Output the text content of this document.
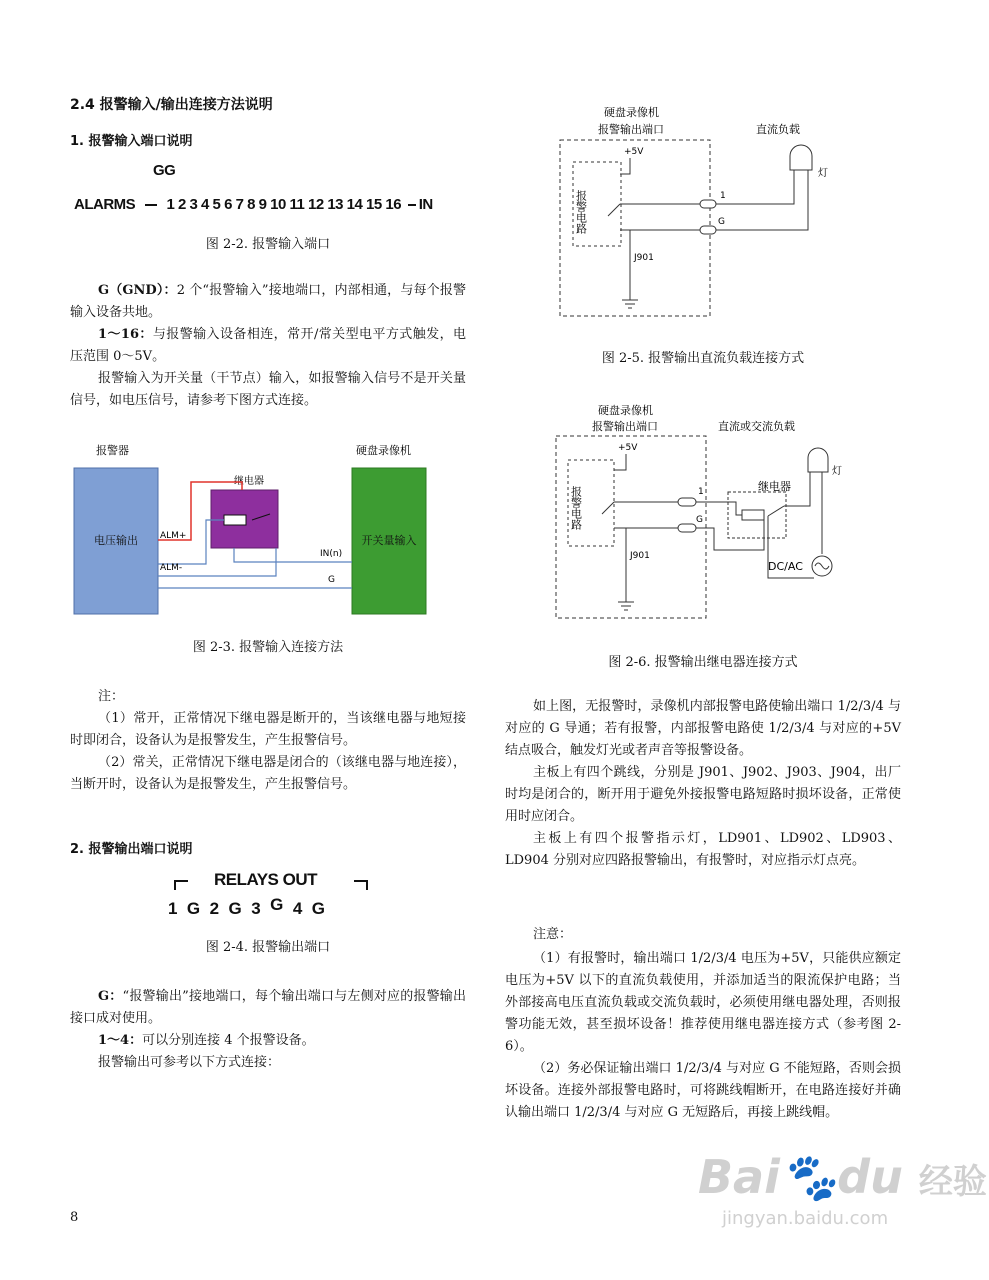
2.4 报警输入/输出连接方法说明
1. 报警输入端口说明
GG
ALARMS 1 2 3 4 5 6 7 8 9 10 11 12 13 14 15 16 IN
图 2-2. 报警输入端口

G（GND）：2 个“报警输入”接地端口，内部相通，与每个报警输入设备共地。

1～16：与报警输入设备相连，常开/常关型电平方式触发，电压范围 0～5V。

报警输入为开关量（干节点）输入，如报警输入信号不是开关量信号，如电压信号，请参考下图方式连接。

报警器	硬盘录像机
电压输出	开关量输入
继电器
ALM+
ALM-
IN(n)
G
图 2-3. 报警输入连接方法

注：

（1）常开，正常情况下继电器是断开的，当该继电器与地短接时即闭合，设备认为是报警发生，产生报警信号。

（2）常关，正常情况下继电器是闭合的（该继电器与地连接），当断开时，设备认为是报警发生，产生报警信号。

2. 报警输出端口说明
RELAYS OUT
1 G 2 G 3 G 4 G
图 2-4. 报警输出端口

G：“报警输出”接地端口，每个输出端口与左侧对应的报警输出接口成对使用。

1～4：可以分别连接 4 个报警设备。

报警输出可参考以下方式连接：

8
硬盘录像机
报警输出端口	直流负载
报警电路
+5V
J901
1
G
灯
图 2-5. 报警输出直流负载连接方式
硬盘录像机
报警输出端口	直流或交流负载
报警电路
+5V
J901
1
G
继电器
灯
DC/AC
图 2-6. 报警输出继电器连接方式

如上图，无报警时，录像机内部报警电路使输出端口 1/2/3/4 与对应的 G 导通；若有报警，内部报警电路使 1/2/3/4 与对应的+5V 结点吸合，触发灯光或者声音等报警设备。

主板上有四个跳线，分别是 J901、J902、J903、J904，出厂时均是闭合的，断开用于避免外接报警电路短路时损坏设备，正常使用时应闭合。

主板上有四个报警指示灯，LD901、LD902、LD903、LD904 分别对应四路报警输出，有报警时，对应指示灯点亮。

注意：

（1）有报警时，输出端口 1/2/3/4 电压为+5V，只能供应额定电压为+5V 以下的直流负载使用，并添加适当的限流保护电路；当外部接高电压直流负载或交流负载时，必须使用继电器处理，否则报警功能无效，甚至损坏设备！推荐使用继电器连接方式（参考图 2-6）。

（2）务必保证输出端口 1/2/3/4 与对应 G 不能短路，否则会损坏设备。连接外部报警电路时，可将跳线帽断开，在电路连接好并确认输出端口 1/2/3/4 与对应 G 无短路后，再接上跳线帽。

Bai🐾du 经验
jingyan.baidu.com
